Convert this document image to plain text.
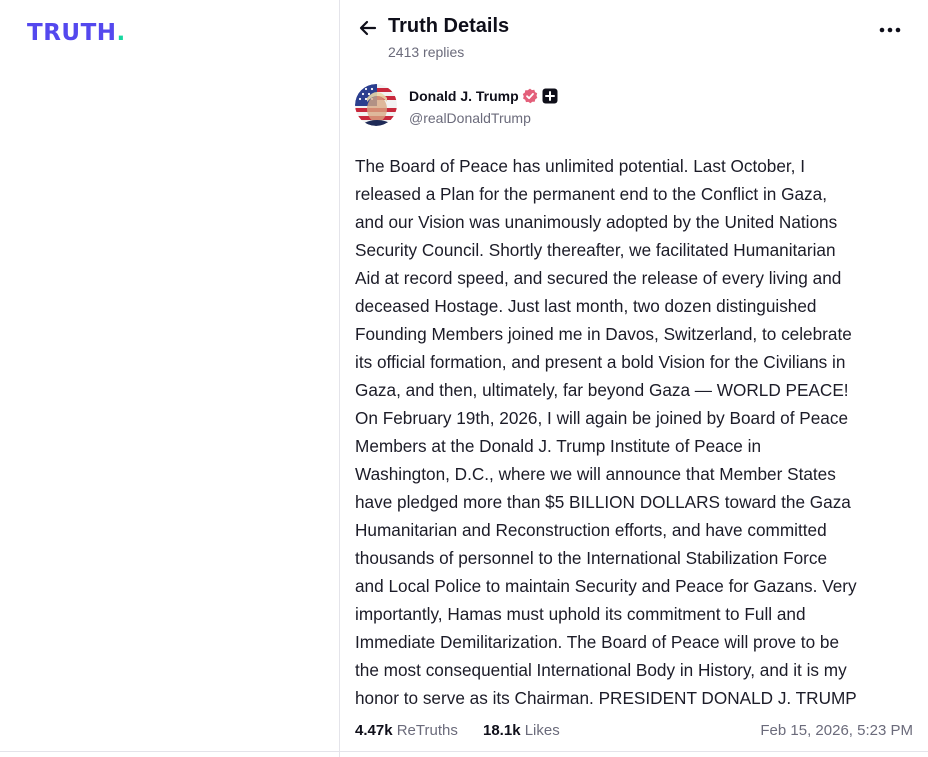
TRUTH.	Truth Details
2413 replies
Donald J. Trump
@realDonaldTrump
The Board of Peace has unlimited potential. Last October, I
released a Plan for the permanent end to the Conflict in Gaza,
and our Vision was unanimously adopted by the United Nations
Security Council. Shortly thereafter, we facilitated Humanitarian
Aid at record speed, and secured the release of every living and
deceased Hostage. Just last month, two dozen distinguished
Founding Members joined me in Davos, Switzerland, to celebrate
its official formation, and present a bold Vision for the Civilians in
Gaza, and then, ultimately, far beyond Gaza — WORLD PEACE!
On February 19th, 2026, I will again be joined by Board of Peace
Members at the Donald J. Trump Institute of Peace in
Washington, D.C., where we will announce that Member States
have pledged more than $5 BILLION DOLLARS toward the Gaza
Humanitarian and Reconstruction efforts, and have committed
thousands of personnel to the International Stabilization Force
and Local Police to maintain Security and Peace for Gazans. Very
importantly, Hamas must uphold its commitment to Full and
Immediate Demilitarization. The Board of Peace will prove to be
the most consequential International Body in History, and it is my
honor to serve as its Chairman. PRESIDENT DONALD J. TRUMP
4.47k ReTruths 18.1k Likes	Feb 15, 2026, 5:23 PM
